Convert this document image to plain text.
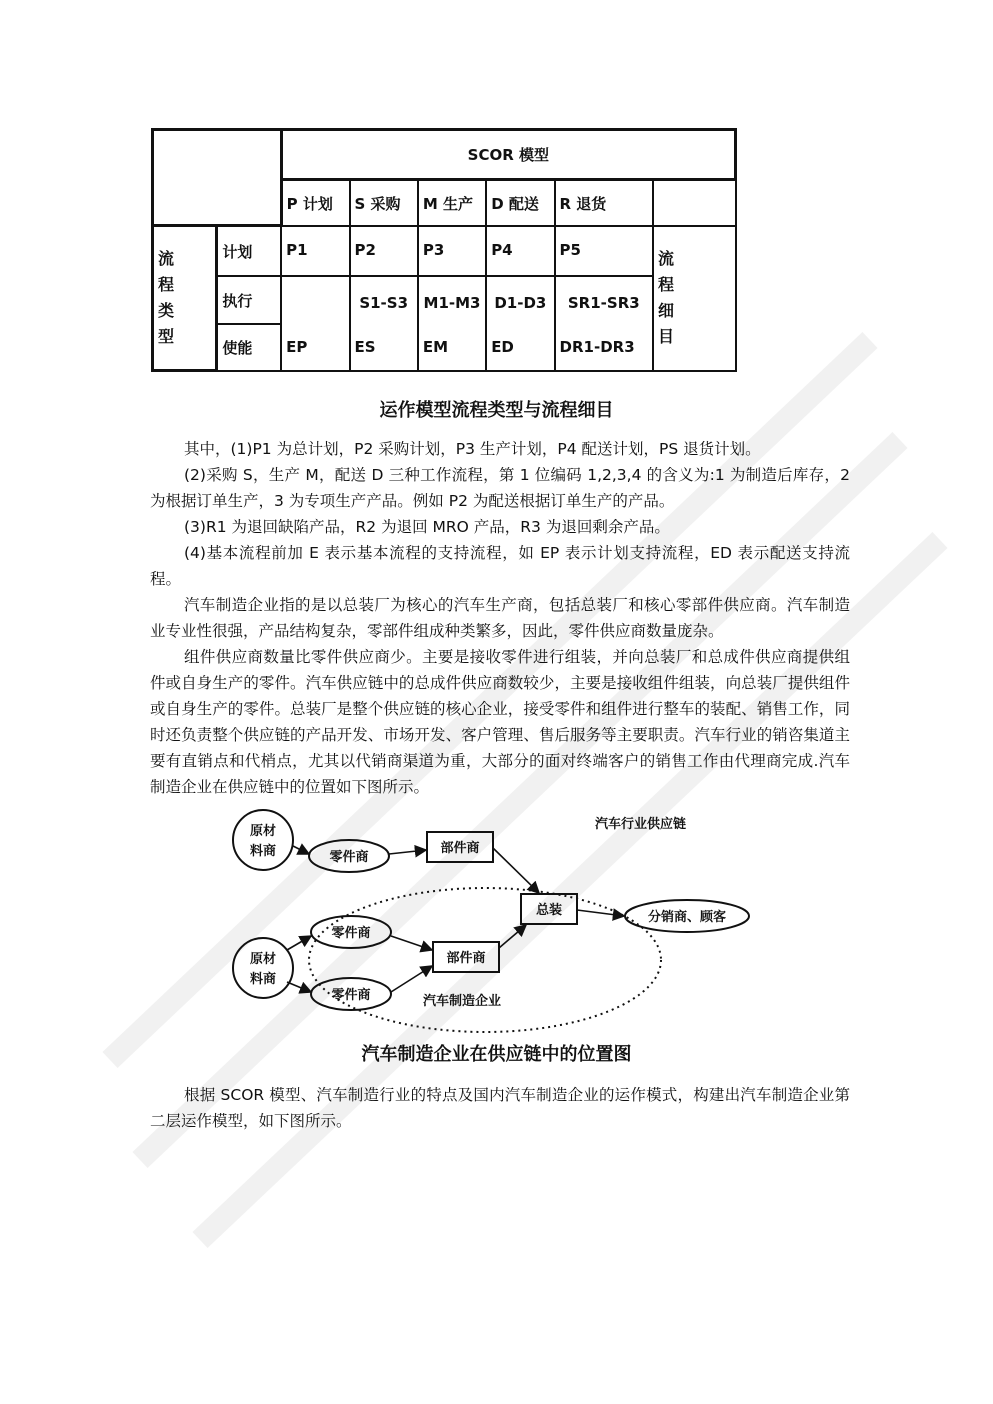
		SCOR 模型					
		P 计划	S 采购	M 生产	D 配送	R 退货	
流 程 类 型	计划	P1	P2	P3	P4	P5	流 程 细 目
	执行		S1-S3	M1-M3	D1-D3	SR1-SR3	
	使能	EP	ES	EM	ED	DR1-DR3	
运作模型流程类型与流程细目

其中，(1)P1 为总计划，P2 采购计划，P3 生产计划，P4 配送计划，PS 退货计划。

(2)采购 S，生产 M，配送 D 三种工作流程，第 1 位编码 1,2,3,4 的含义为:1 为制造后库存，2 为根据订单生产，3 为专项生产产品。例如 P2 为配送根据订单生产的产品。

(3)R1 为退回缺陷产品，R2 为退回 MRO 产品，R3 为退回剩余产品。

(4)基本流程前加 E 表示基本流程的支持流程，如 EP 表示计划支持流程，ED 表示配送支持流程。

汽车制造企业指的是以总装厂为核心的汽车生产商，包括总装厂和核心零部件供应商。汽车制造业专业性很强，产品结构复杂，零部件组成种类繁多，因此，零件供应商数量庞杂。

组件供应商数量比零件供应商少。主要是接收零件进行组装，并向总装厂和总成件供应商提供组件或自身生产的零件。汽车供应链中的总成件供应商数较少，主要是接收组件组装，向总装厂提供组件或自身生产的零件。总装厂是整个供应链的核心企业，接受零件和组件进行整车的装配、销售工作，同时还负责整个供应链的产品开发、市场开发、客户管理、售后服务等主要职责。汽车行业的销咨集道主要有直销点和代梢点，尤其以代销商渠道为重，大部分的面对终端客户的销售工作由代理商完成.汽车制造企业在供应链中的位置如下图所示。

原材
料商	零件商
部件商
汽车行业供应链
总装	分销商、顾客
原材
料商
零件商
零件商
部件商
汽车制造企业
汽车制造企业在供应链中的位置图

根据 SCOR 模型、汽车制造行业的特点及国内汽车制造企业的运作模式，构建出汽车制造企业第二层运作模型，如下图所示。
